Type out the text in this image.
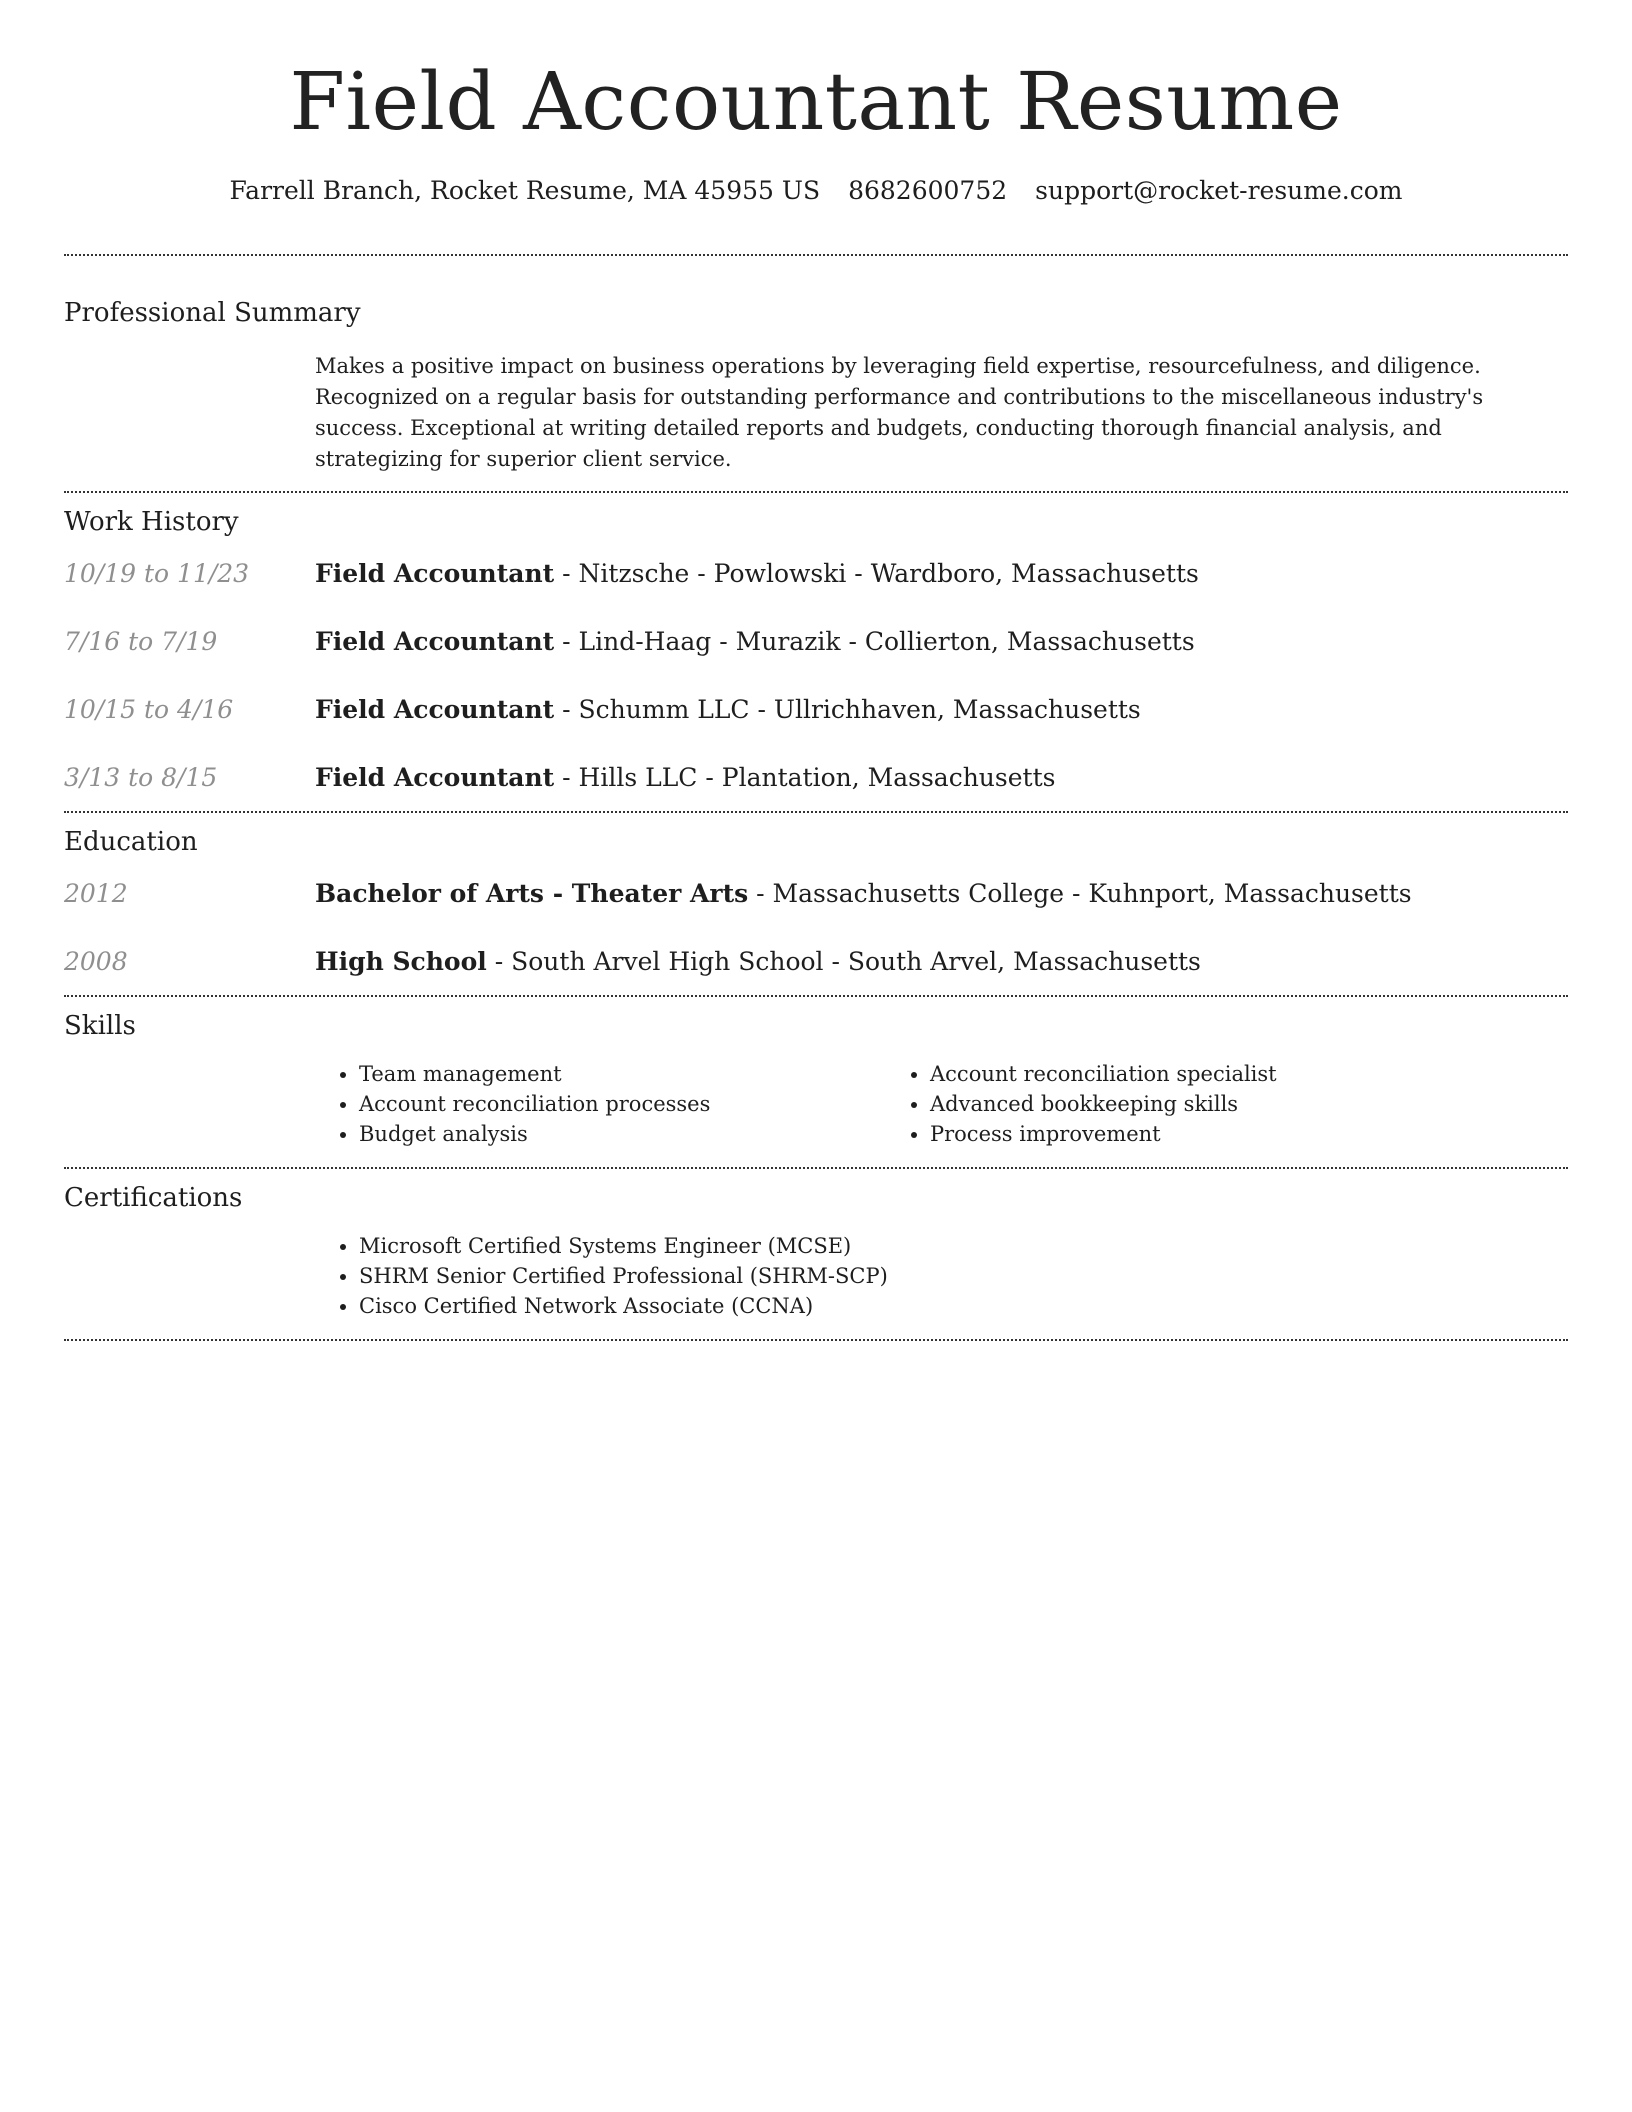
Field Accountant Resume
Farrell Branch, Rocket Resume, MA 45955 US 8682600752 support@rocket-resume.com
Professional Summary
Makes a positive impact on business operations by leveraging field expertise, resourcefulness, and diligence. Recognized on a regular basis for outstanding performance and contributions to the miscellaneous industry's success. Exceptional at writing detailed reports and budgets, conducting thorough financial analysis, and strategizing for superior client service.
Work History
10/19 to 11/23	Field Accountant - Nitzsche - Powlowski - Wardboro, Massachusetts
7/16 to 7/19	Field Accountant - Lind-Haag - Murazik - Collierton, Massachusetts
10/15 to 4/16	Field Accountant - Schumm LLC - Ullrichhaven, Massachusetts
3/13 to 8/15	Field Accountant - Hills LLC - Plantation, Massachusetts
Education
2012	Bachelor of Arts - Theater Arts - Massachusetts College - Kuhnport, Massachusetts
2008	High School - South Arvel High School - South Arvel, Massachusetts
Skills
• Team management
• Account reconciliation processes
• Budget analysis
• Account reconciliation specialist
• Advanced bookkeeping skills
• Process improvement
Certifications
• Microsoft Certified Systems Engineer (MCSE)
• SHRM Senior Certified Professional (SHRM-SCP)
• Cisco Certified Network Associate (CCNA)
